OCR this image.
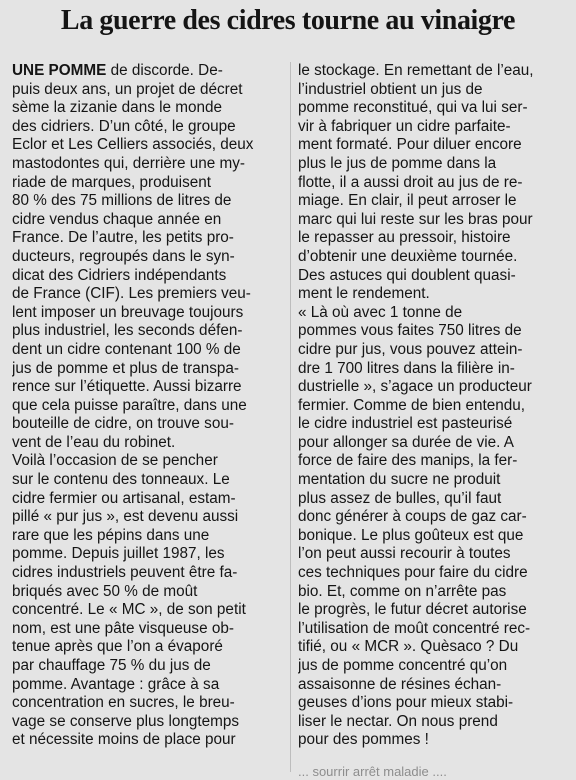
La guerre des cidres tourne au vinaigre
UNE POMME de discorde. De-
puis deux ans, un projet de décret
sème la zizanie dans le monde
des cidriers. D’un côté, le groupe
Eclor et Les Celliers associés, deux
mastodontes qui, derrière une my-
riade de marques, produisent
80 % des 75 millions de litres de
cidre vendus chaque année en
France. De l’autre, les petits pro-
ducteurs, regroupés dans le syn-
dicat des Cidriers indépendants
de France (CIF). Les premiers veu-
lent imposer un breuvage toujours
plus industriel, les seconds défen-
dent un cidre contenant 100 % de
jus de pomme et plus de transpa-
rence sur l’étiquette. Aussi bizarre
que cela puisse paraître, dans une
bouteille de cidre, on trouve sou-
vent de l’eau du robinet.
Voilà l’occasion de se pencher
sur le contenu des tonneaux. Le
cidre fermier ou artisanal, estam-
pillé « pur jus », est devenu aussi
rare que les pépins dans une
pomme. Depuis juillet 1987, les
cidres industriels peuvent être fa-
briqués avec 50 % de moût
concentré. Le « MC », de son petit
nom, est une pâte visqueuse ob-
tenue après que l’on a évaporé
par chauffage 75 % du jus de
pomme. Avantage : grâce à sa
concentration en sucres, le breu-
vage se conserve plus longtemps
et nécessite moins de place pour
le stockage. En remettant de l’eau,
l’industriel obtient un jus de
pomme reconstitué, qui va lui ser-
vir à fabriquer un cidre parfaite-
ment formaté. Pour diluer encore
plus le jus de pomme dans la
flotte, il a aussi droit au jus de re-
miage. En clair, il peut arroser le
marc qui lui reste sur les bras pour
le repasser au pressoir, histoire
d’obtenir une deuxième tournée.
Des astuces qui doublent quasi-
ment le rendement.
« Là où avec 1 tonne de
pommes vous faites 750 litres de
cidre pur jus, vous pouvez attein-
dre 1 700 litres dans la filière in-
dustrielle », s’agace un producteur
fermier. Comme de bien entendu,
le cidre industriel est pasteurisé
pour allonger sa durée de vie. A
force de faire des manips, la fer-
mentation du sucre ne produit
plus assez de bulles, qu’il faut
donc générer à coups de gaz car-
bonique. Le plus goûteux est que
l’on peut aussi recourir à toutes
ces techniques pour faire du cidre
bio. Et, comme on n’arrête pas
le progrès, le futur décret autorise
l’utilisation de moût concentré rec-
tifié, ou « MCR ». Quèsaco ? Du
jus de pomme concentré qu’on
assaisonne de résines échan-
geuses d’ions pour mieux stabi-
liser le nectar. On nous prend
pour des pommes !
... sourrir arrêt maladie ....
